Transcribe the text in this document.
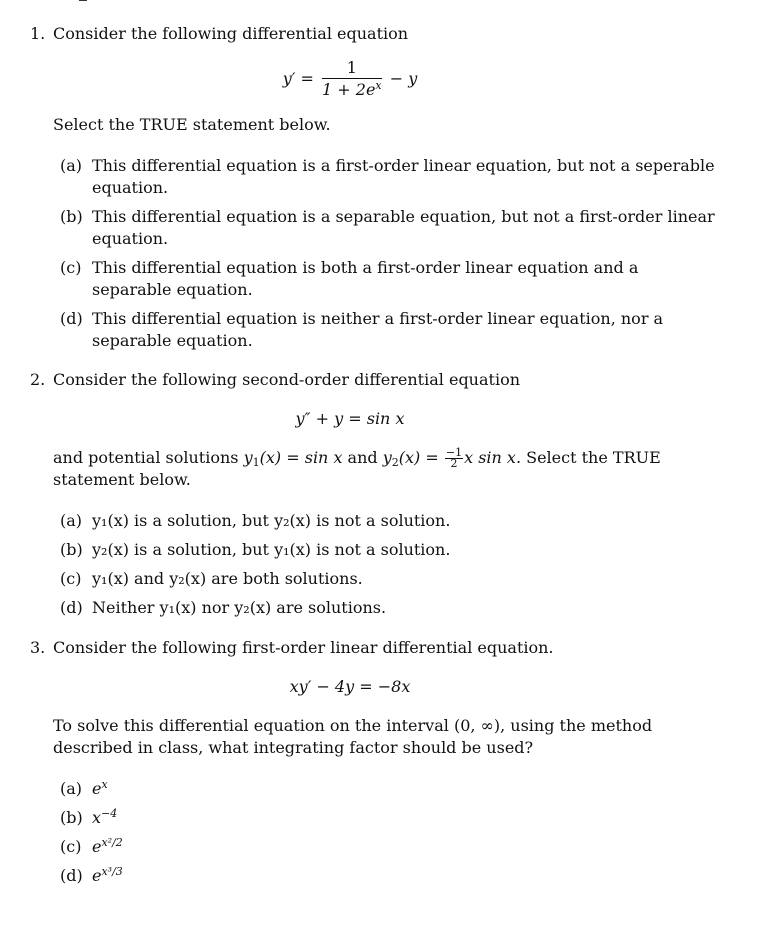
1. Consider the following differential equation
$y' = \frac{1}{1 + 2e^x} - y$
Select the TRUE statement below.
(a) This differential equation is a first-order linear equation, but not a seperable equation.
(b) This differential equation is a separable equation, but not a first-order linear equation.
(c) This differential equation is both a first-order linear equation and a separable equation.
(d) This differential equation is neither a first-order linear equation, nor a separable equation.
2. Consider the following second-order differential equation
y″ + y = sin x
and potential solutions $y_1(x) = \sin x$ and $y_2(x) = \frac{-1}{2}$ x sin x. Select the TRUE statement below.
(a) y₁(x) is a solution, but y₂(x) is not a solution.
(b) y₂(x) is a solution, but y₁(x) is not a solution.
(c) y₁(x) and y₂(x) are both solutions.
(d) Neither y₁(x) nor y₂(x) are solutions.
3. Consider the following first-order linear differential equation.
xy′ − 4y = −8x
To solve this differential equation on the interval (0, ∞), using the method described in class, what integrating factor should be used?
(a) $e^x$
(b) $x^{-4}$
(c) $e^{x^2/2}$
(d) $e^{x^3/3}$
